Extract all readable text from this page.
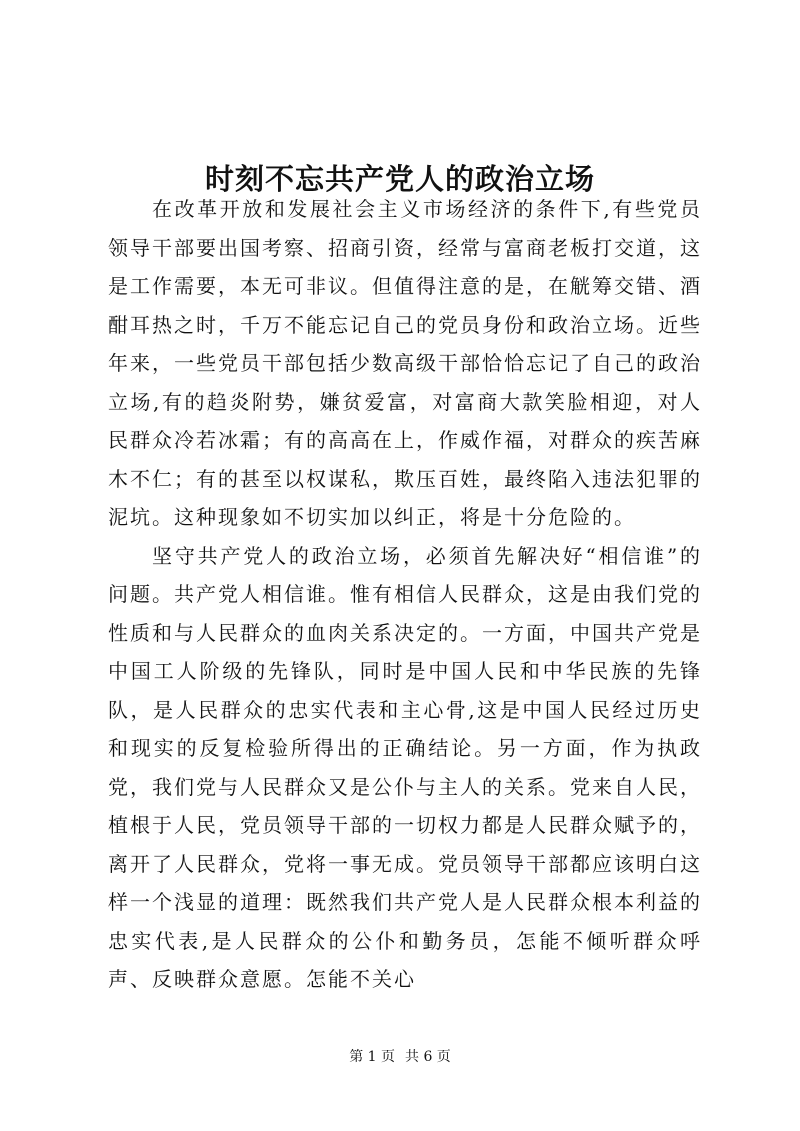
时刻不忘共产党人的政治立场

在改革开放和发展社会主义市场经济的条件下,有些党员领导干部要出国考察、招商引资，经常与富商老板打交道，这是工作需要，本无可非议。但值得注意的是，在觥筹交错、酒酣耳热之时，千万不能忘记自己的党员身份和政治立场。近些年来，一些党员干部包括少数高级干部恰恰忘记了自己的政治立场,有的趋炎附势，嫌贫爱富，对富商大款笑脸相迎，对人民群众冷若冰霜；有的高高在上，作威作福，对群众的疾苦麻木不仁；有的甚至以权谋私，欺压百姓，最终陷入违法犯罪的泥坑。这种现象如不切实加以纠正，将是十分危险的。

坚守共产党人的政治立场，必须首先解决好“相信谁”的问题。共产党人相信谁。惟有相信人民群众，这是由我们党的性质和与人民群众的血肉关系决定的。一方面，中国共产党是中国工人阶级的先锋队，同时是中国人民和中华民族的先锋队，是人民群众的忠实代表和主心骨,这是中国人民经过历史和现实的反复检验所得出的正确结论。另一方面，作为执政党，我们党与人民群众又是公仆与主人的关系。党来自人民，植根于人民，党员领导干部的一切权力都是人民群众赋予的，离开了人民群众，党将一事无成。党员领导干部都应该明白这样一个浅显的道理：既然我们共产党人是人民群众根本利益的忠实代表,是人民群众的公仆和勤务员，怎能不倾听群众呼声、反映群众意愿。怎能不关心

第 1 页 共 6 页
